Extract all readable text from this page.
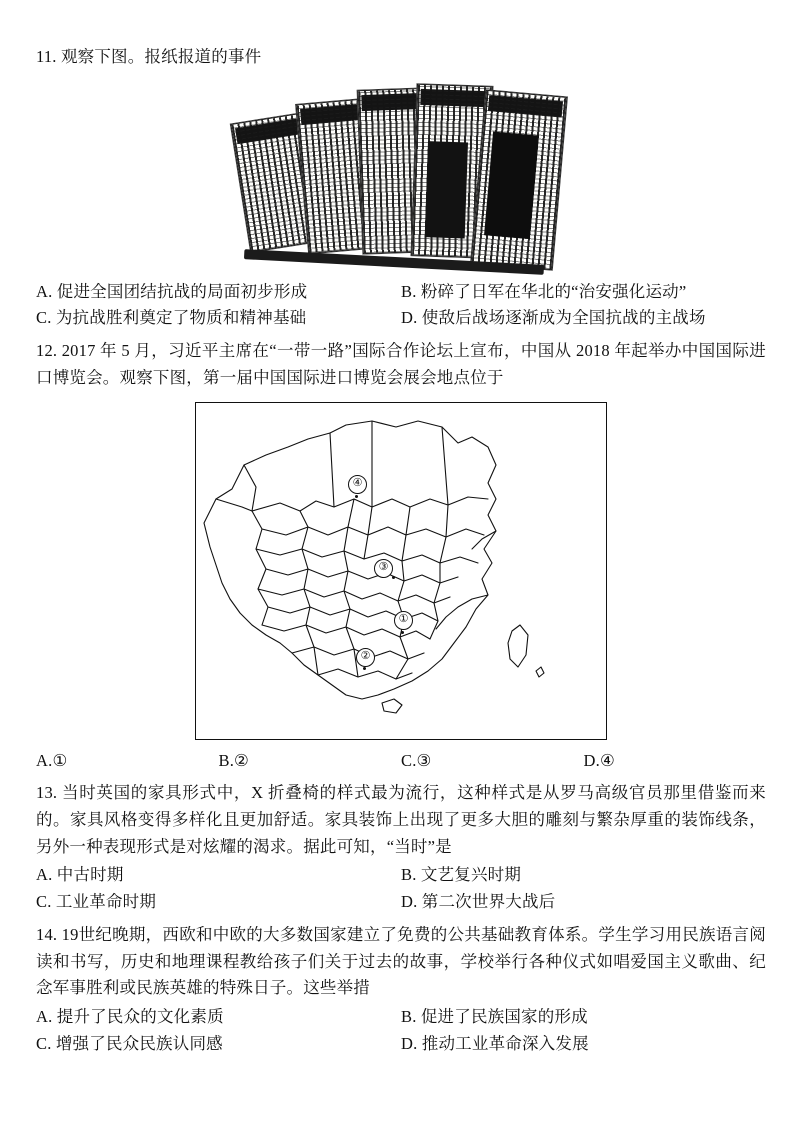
11. 观察下图。报纸报道的事件

A. 促进全国团结抗战的局面初步形成	B. 粉碎了日军在华北的“治安强化运动”
C. 为抗战胜利奠定了物质和精神基础	D. 使敌后战场逐渐成为全国抗战的主战场

12. 2017 年 5 月，习近平主席在“一带一路”国际合作论坛上宣布，中国从 2018 年起举办中国国际进口博览会。观察下图，第一届中国国际进口博览会展会地点位于

④
③
①
②
A.①	B.②	C.③	D.④

13. 当时英国的家具形式中，X 折叠椅的样式最为流行，这种样式是从罗马高级官员那里借鉴而来的。家具风格变得多样化且更加舒适。家具装饰上出现了更多大胆的雕刻与繁杂厚重的装饰线条，另外一种表现形式是对炫耀的渴求。据此可知，“当时”是

A. 中古时期	B. 文艺复兴时期
C. 工业革命时期	D. 第二次世界大战后

14. 19世纪晚期，西欧和中欧的大多数国家建立了免费的公共基础教育体系。学生学习用民族语言阅读和书写，历史和地理课程教给孩子们关于过去的故事，学校举行各种仪式如唱爱国主义歌曲、纪念军事胜利或民族英雄的特殊日子。这些举措

A. 提升了民众的文化素质	B. 促进了民族国家的形成
C. 增强了民众民族认同感	D. 推动工业革命深入发展
